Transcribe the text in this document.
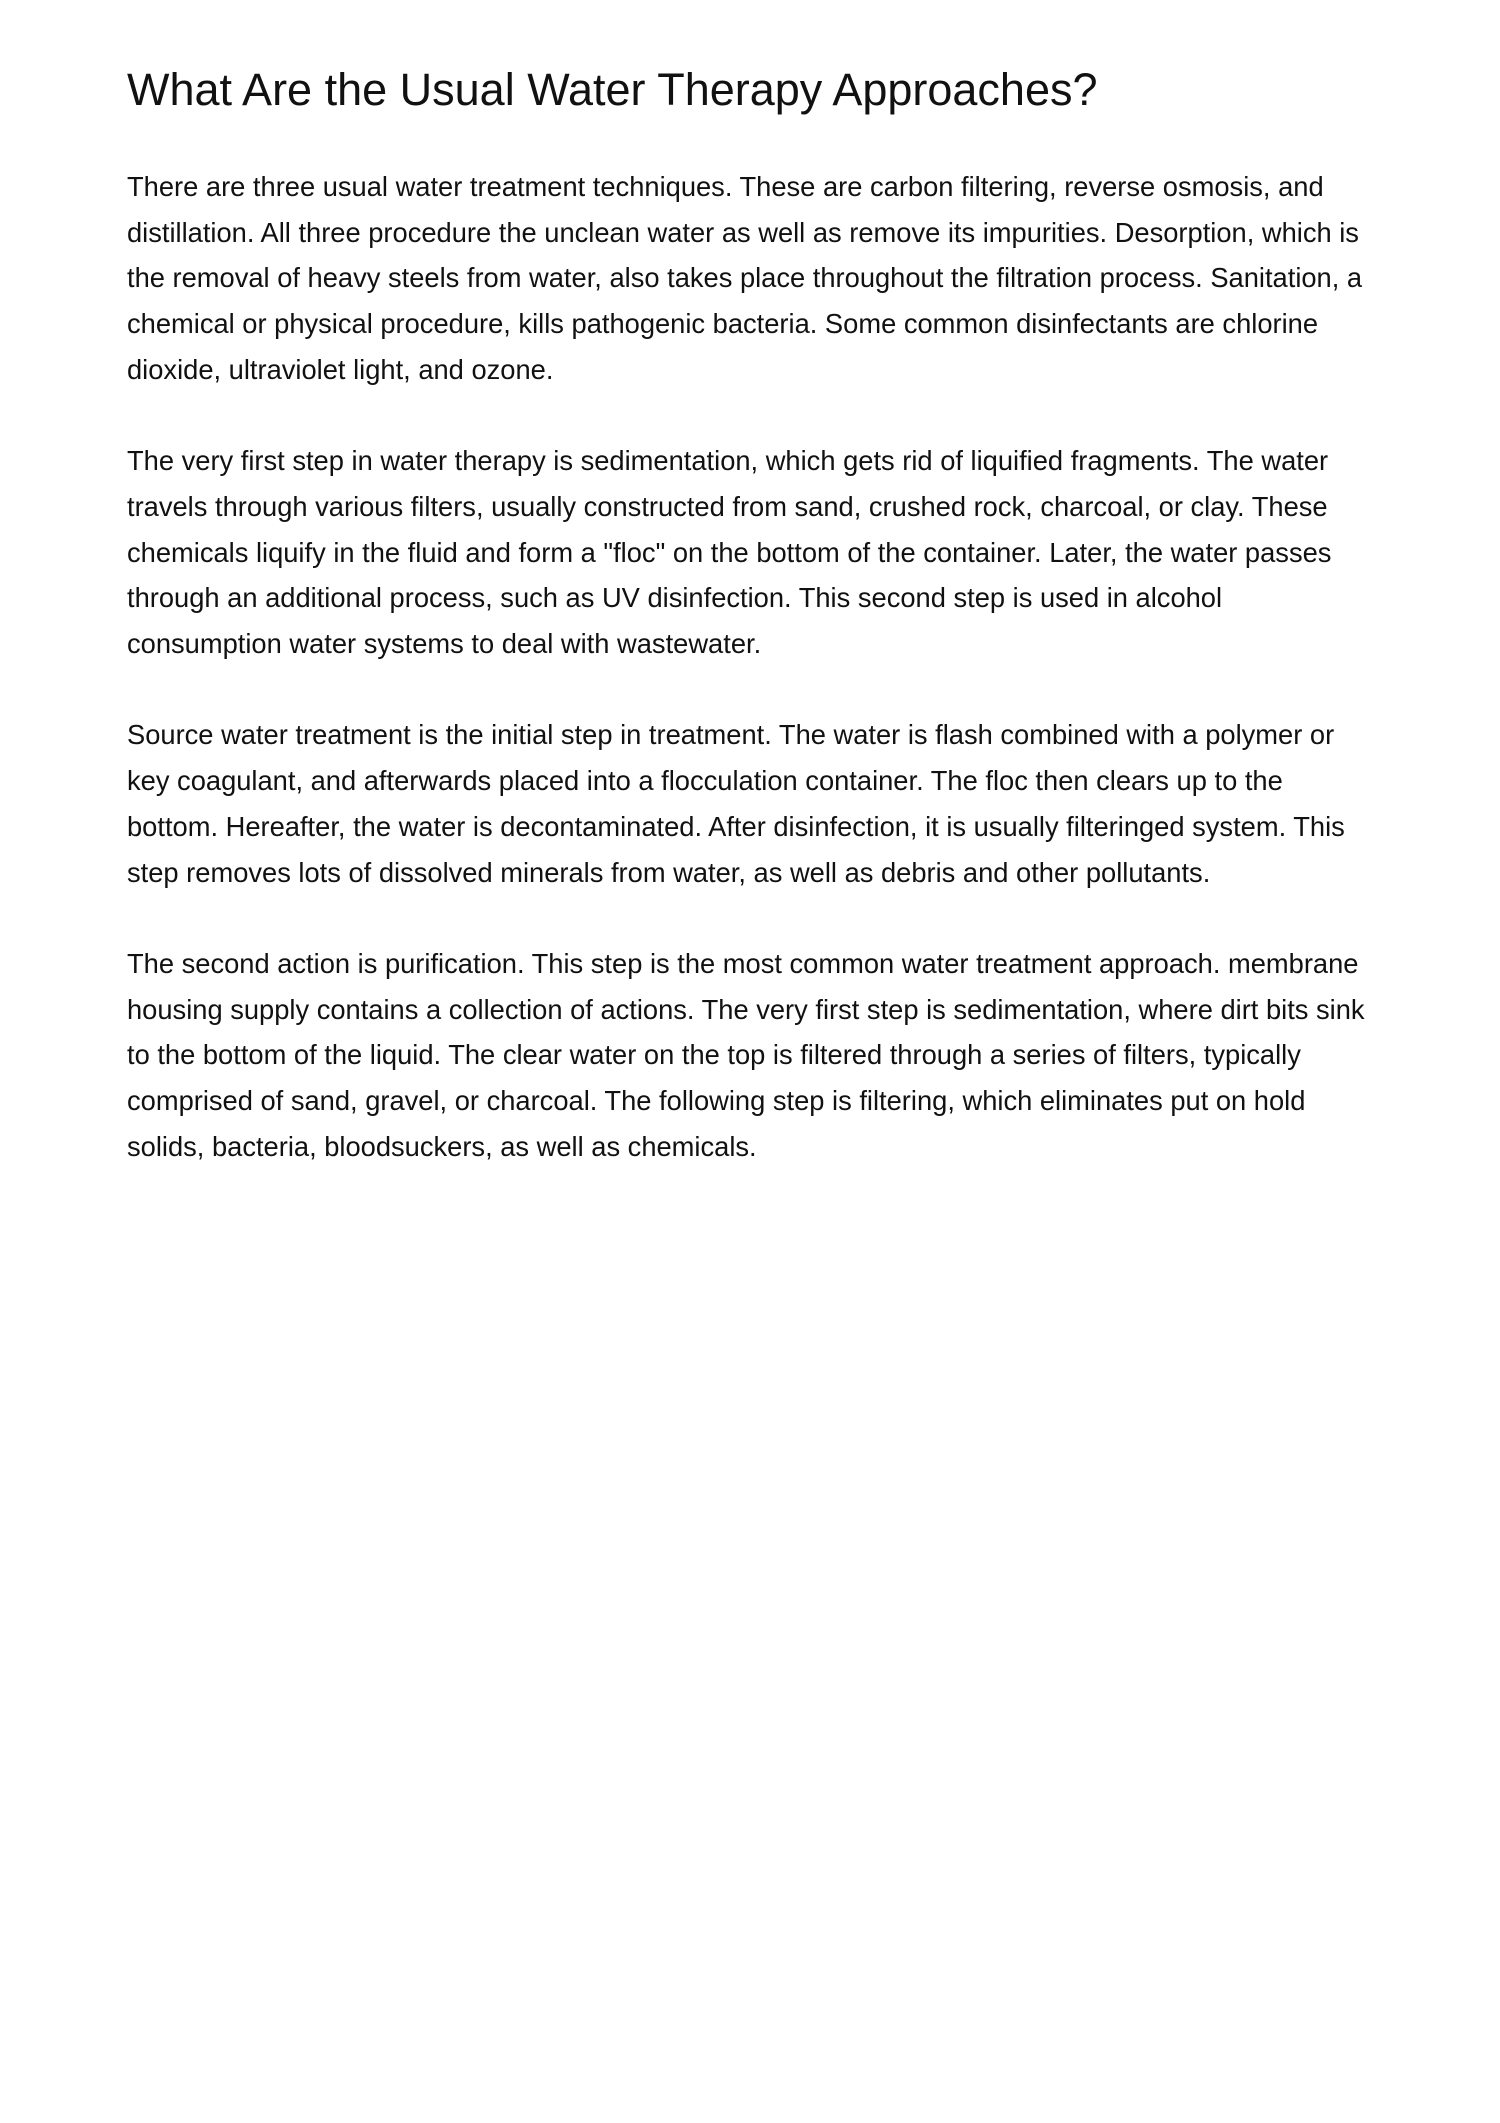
What Are the Usual Water Therapy Approaches?

There are three usual water treatment techniques. These are carbon filtering, reverse osmosis, and distillation. All three procedure the unclean water as well as remove its impurities. Desorption, which is the removal of heavy steels from water, also takes place throughout the filtration process. Sanitation, a chemical or physical procedure, kills pathogenic bacteria. Some common disinfectants are chlorine dioxide, ultraviolet light, and ozone.

The very first step in water therapy is sedimentation, which gets rid of liquified fragments. The water travels through various filters, usually constructed from sand, crushed rock, charcoal, or clay. These chemicals liquify in the fluid and form a "floc" on the bottom of the container. Later, the water passes through an additional process, such as UV disinfection. This second step is used in alcohol consumption water systems to deal with wastewater.

Source water treatment is the initial step in treatment. The water is flash combined with a polymer or key coagulant, and afterwards placed into a flocculation container. The floc then clears up to the bottom. Hereafter, the water is decontaminated. After disinfection, it is usually filteringed system. This step removes lots of dissolved minerals from water, as well as debris and other pollutants.

The second action is purification. This step is the most common water treatment approach. membrane housing supply contains a collection of actions. The very first step is sedimentation, where dirt bits sink to the bottom of the liquid. The clear water on the top is filtered through a series of filters, typically comprised of sand, gravel, or charcoal. The following step is filtering, which eliminates put on hold solids, bacteria, bloodsuckers, as well as chemicals.
